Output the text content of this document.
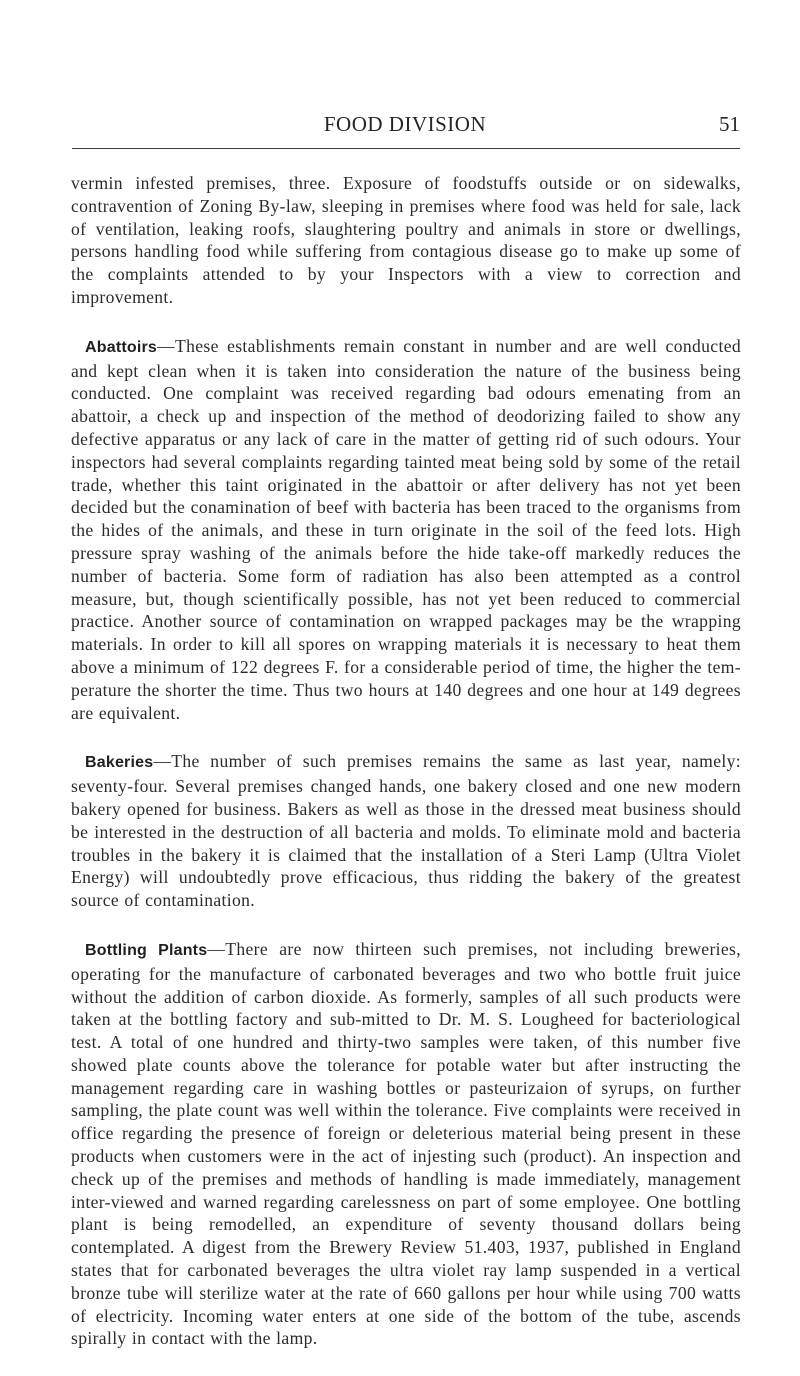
FOOD DIVISION	51

vermin infested premises, three. Exposure of foodstuffs outside or on sidewalks, contravention of Zoning By-law, sleeping in premises where food was held for sale, lack of ventilation, leaking roofs, slaughtering poultry and animals in store or dwellings, persons handling food while suffering from contagious disease go to make up some of the complaints attended to by your Inspectors with a view to correction and improvement.

Abattoirs—These establishments remain constant in number and are well conducted and kept clean when it is taken into consideration the nature of the business being conducted. One complaint was received regarding bad odours emenating from an abattoir, a check up and inspection of the method of deodorizing failed to show any defective apparatus or any lack of care in the matter of getting rid of such odours. Your inspectors had several complaints regarding tainted meat being sold by some of the retail trade, whether this taint originated in the abattoir or after delivery has not yet been decided but the conamination of beef with bacteria has been traced to the organisms from the hides of the animals, and these in turn originate in the soil of the feed lots. High pressure spray washing of the animals before the hide take-off markedly reduces the number of bacteria. Some form of radiation has also been attempted as a control measure, but, though scientifically possible, has not yet been reduced to commercial practice. Another source of contamination on wrapped packages may be the wrapping materials. In order to kill all spores on wrapping materials it is necessary to heat them above a minimum of 122 degrees F. for a considerable period of time, the higher the tem-perature the shorter the time. Thus two hours at 140 degrees and one hour at 149 degrees are equivalent.

Bakeries—The number of such premises remains the same as last year, namely: seventy-four. Several premises changed hands, one bakery closed and one new modern bakery opened for business. Bakers as well as those in the dressed meat business should be interested in the destruction of all bacteria and molds. To eliminate mold and bacteria troubles in the bakery it is claimed that the installation of a Steri Lamp (Ultra Violet Energy) will undoubtedly prove efficacious, thus ridding the bakery of the greatest source of contamination.

Bottling Plants—There are now thirteen such premises, not including breweries, operating for the manufacture of carbonated beverages and two who bottle fruit juice without the addition of carbon dioxide. As formerly, samples of all such products were taken at the bottling factory and sub-mitted to Dr. M. S. Lougheed for bacteriological test. A total of one hundred and thirty-two samples were taken, of this number five showed plate counts above the tolerance for potable water but after instructing the management regarding care in washing bottles or pasteurizaion of syrups, on further sampling, the plate count was well within the tolerance. Five complaints were received in office regarding the presence of foreign or deleterious material being present in these products when customers were in the act of injesting such (product). An inspection and check up of the premises and methods of handling is made immediately, management inter-viewed and warned regarding carelessness on part of some employee. One bottling plant is being remodelled, an expenditure of seventy thousand dollars being contemplated. A digest from the Brewery Review 51.403, 1937, published in England states that for carbonated beverages the ultra violet ray lamp suspended in a vertical bronze tube will sterilize water at the rate of 660 gallons per hour while using 700 watts of electricity. Incoming water enters at one side of the bottom of the tube, ascends spirally in contact with the lamp.
